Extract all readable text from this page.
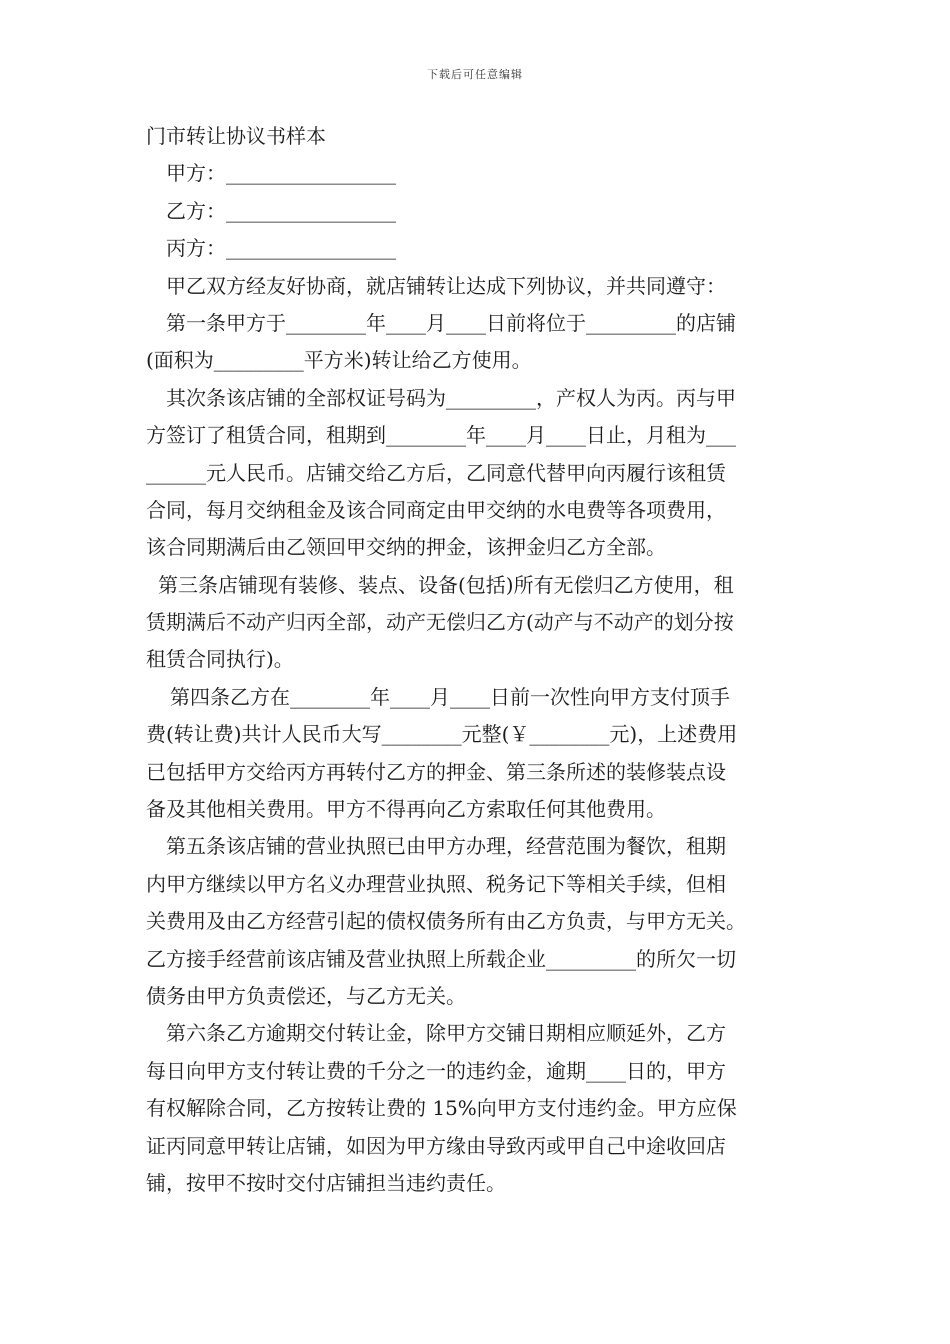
下载后可任意编辑
门市转让协议书样本
甲方：_________________
乙方：_________________
丙方：_________________
甲乙双方经友好协商，就店铺转让达成下列协议，并共同遵守：
第一条甲方于________年____月____日前将位于_________的店铺
(面积为_________平方米)转让给乙方使用。
其次条该店铺的全部权证号码为_________，产权人为丙。丙与甲
方签订了租赁合同，租期到________年____月____日止，月租为___
______元人民币。店铺交给乙方后，乙同意代替甲向丙履行该租赁
合同，每月交纳租金及该合同商定由甲交纳的水电费等各项费用，
该合同期满后由乙领回甲交纳的押金，该押金归乙方全部。
第三条店铺现有装修、装点、设备(包括)所有无偿归乙方使用，租
赁期满后不动产归丙全部，动产无偿归乙方(动产与不动产的划分按
租赁合同执行)。
第四条乙方在________年____月____日前一次性向甲方支付顶手
费(转让费)共计人民币大写________元整(￥________元)，上述费用
已包括甲方交给丙方再转付乙方的押金、第三条所述的装修装点设
备及其他相关费用。甲方不得再向乙方索取任何其他费用。
第五条该店铺的营业执照已由甲方办理，经营范围为餐饮，租期
内甲方继续以甲方名义办理营业执照、税务记下等相关手续，但相
关费用及由乙方经营引起的债权债务所有由乙方负责，与甲方无关。
乙方接手经营前该店铺及营业执照上所载企业_________的所欠一切
债务由甲方负责偿还，与乙方无关。
第六条乙方逾期交付转让金，除甲方交铺日期相应顺延外，乙方
每日向甲方支付转让费的千分之一的违约金，逾期____日的，甲方
有权解除合同，乙方按转让费的 15%向甲方支付违约金。甲方应保
证丙同意甲转让店铺，如因为甲方缘由导致丙或甲自己中途收回店
铺，按甲不按时交付店铺担当违约责任。
